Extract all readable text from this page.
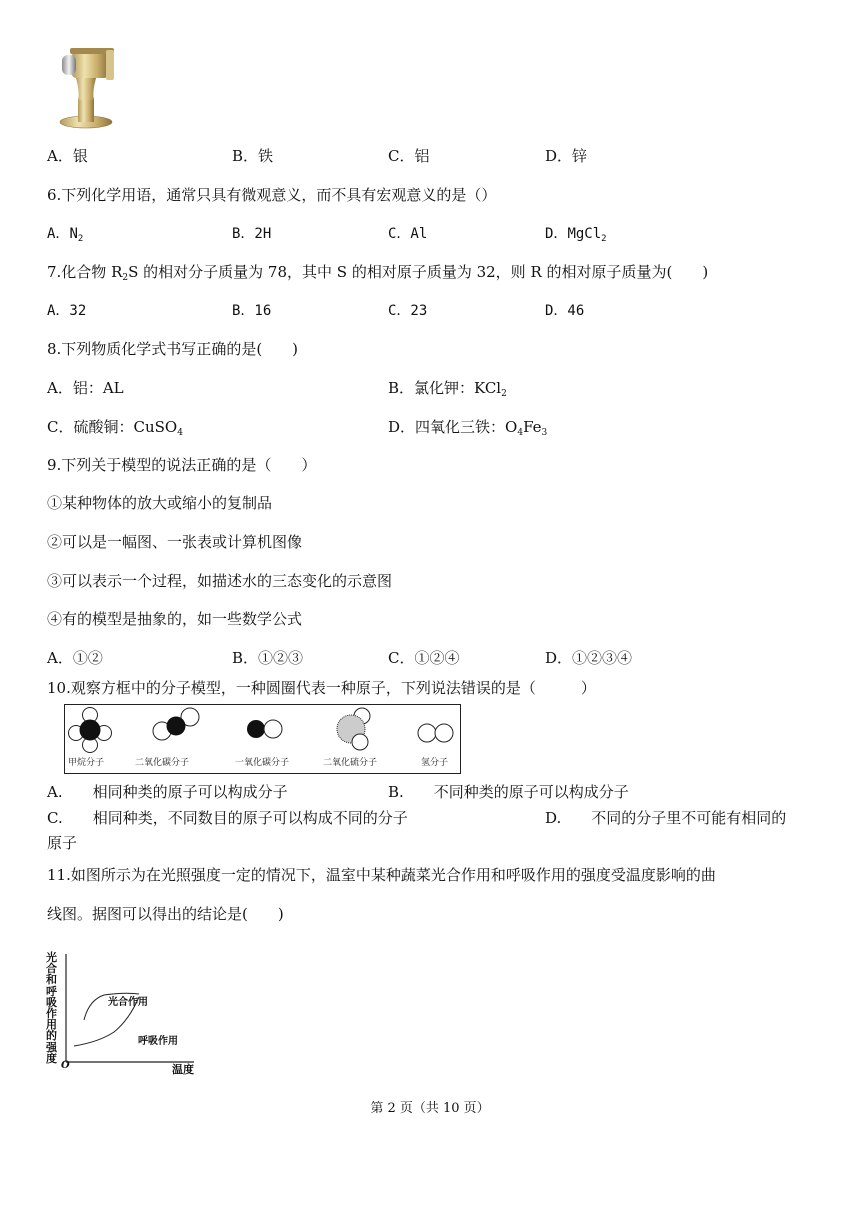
A．银	B．铁	C．铝	D．锌
6.下列化学用语，通常只具有微观意义，而不具有宏观意义的是（）
A．$N_2$	B．2H	C．Al	D．MgCl$_2$
7.化合物 $R_2S$ 的相对分子质量为 78，其中 S 的相对原子质量为 32，则 R 的相对原子质量为(　　)
A．32	B．16	C．23	D．46
8.下列物质化学式书写正确的是(　　)
A．铝：AL	B．氯化钾：KCl$_2$
C．硫酸铜：CuSO$_4$	D．四氧化三铁：$O_4Fe_3$
9.下列关于模型的说法正确的是（　　）
①某种物体的放大或缩小的复制品
②可以是一幅图、一张表或计算机图像
③可以表示一个过程，如描述水的三态变化的示意图
④有的模型是抽象的，如一些数学公式
A．①②	B．①②③	C．①②④	D．①②③④
10.观察方框中的分子模型，一种圆圈代表一种原子，下列说法错误的是（　　　）
甲烷分子	二氧化碳分子	一氧化碳分子	二氧化硫分子	氢分子
A.　　相同种类的原子可以构成分子	B.　　不同种类的原子可以构成分子
C.　　相同种类，不同数目的原子可以构成不同的分子	D.　　不同的分子里不可能有相同的
原子
11.如图所示为在光照强度一定的情况下，温室中某种蔬菜光合作用和呼吸作用的强度受温度影响的曲
线图。据图可以得出的结论是(　　)
光合和呼吸作用的强度
光合作用
呼吸作用
O	温度
第 2 页（共 10 页）
